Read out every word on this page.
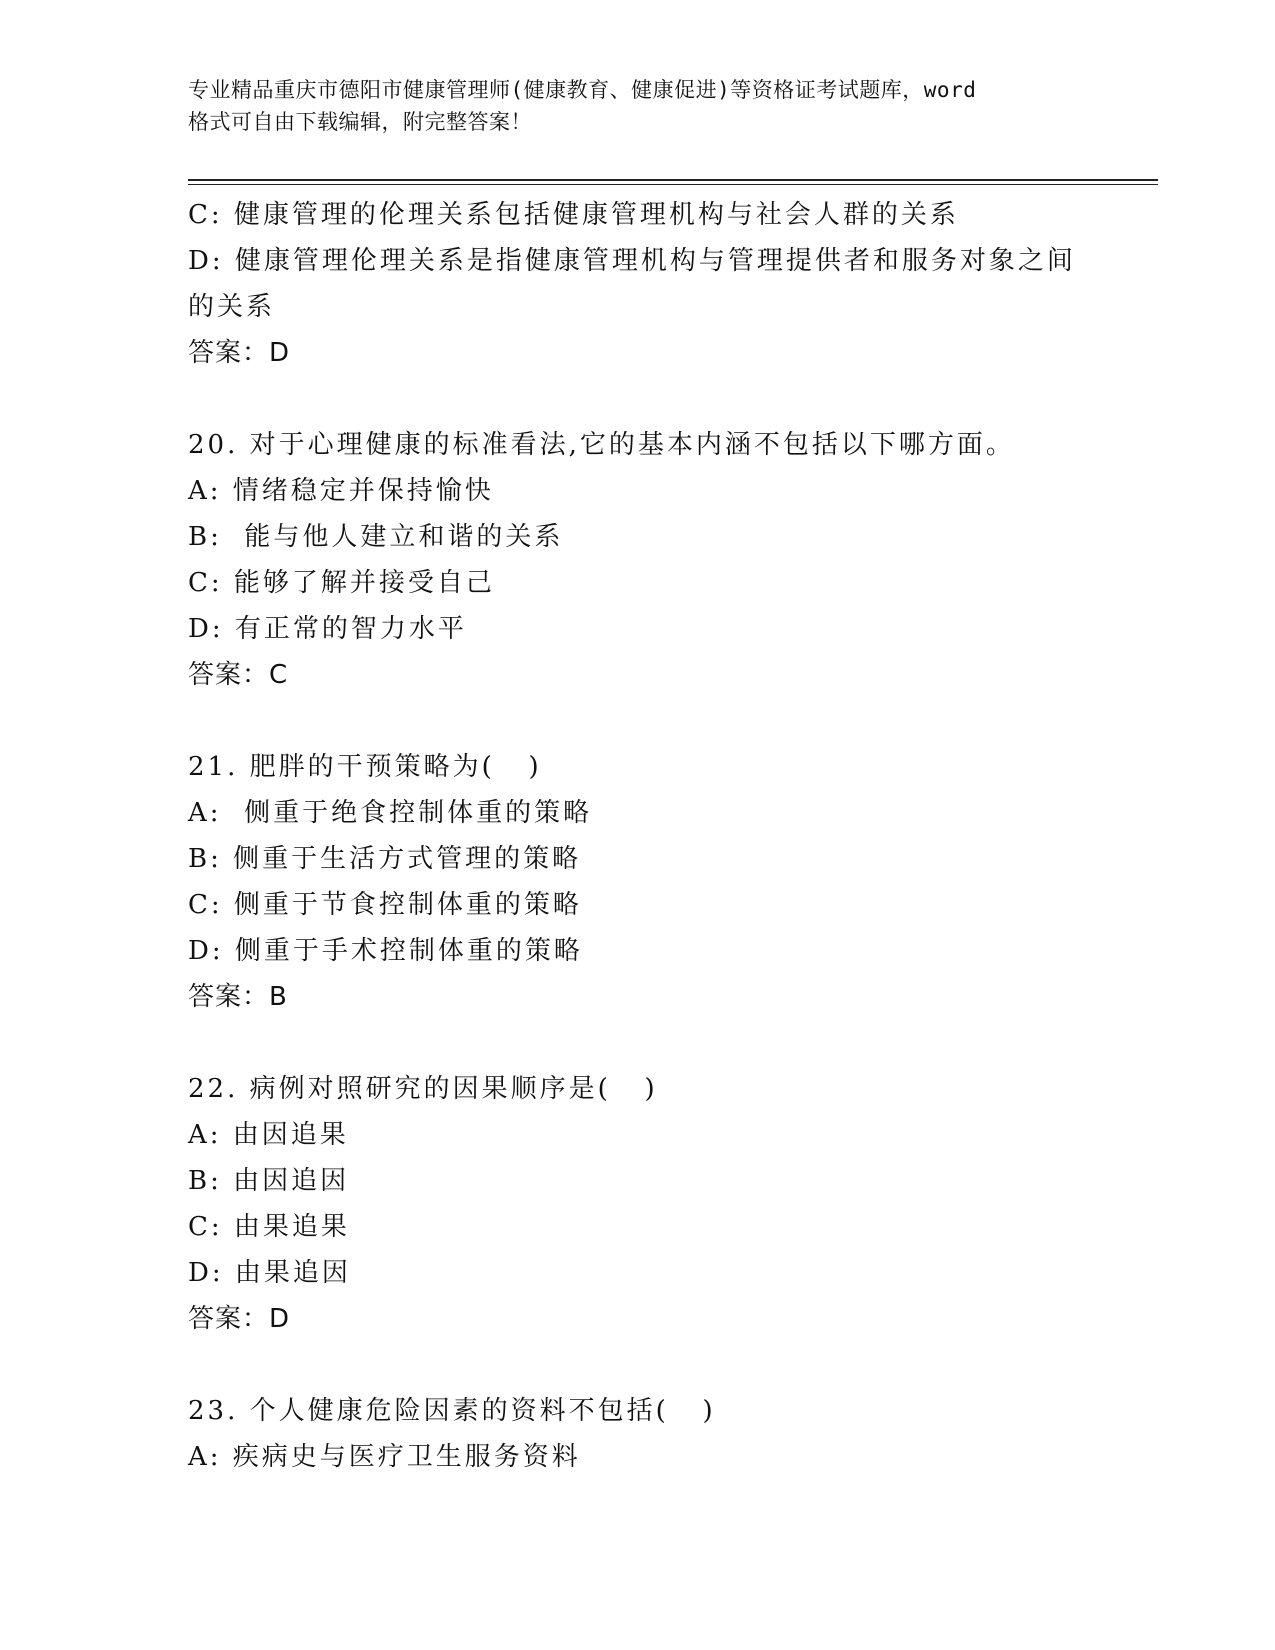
专业精品重庆市德阳市健康管理师(健康教育、健康促进)等资格证考试题库，word
格式可自由下载编辑，附完整答案！
C: 健康管理的伦理关系包括健康管理机构与社会人群的关系
D: 健康管理伦理关系是指健康管理机构与管理提供者和服务对象之间
的关系
答案：D
20. 对于心理健康的标准看法,它的基本内涵不包括以下哪方面。
A: 情绪稳定并保持愉快
B:  能与他人建立和谐的关系
C: 能够了解并接受自己
D: 有正常的智力水平
答案：C
21. 肥胖的干预策略为(   )
A:  侧重于绝食控制体重的策略
B: 侧重于生活方式管理的策略
C: 侧重于节食控制体重的策略
D: 侧重于手术控制体重的策略
答案：B
22. 病例对照研究的因果顺序是(   )
A: 由因追果
B: 由因追因
C: 由果追果
D: 由果追因
答案：D
23. 个人健康危险因素的资料不包括(   )
A: 疾病史与医疗卫生服务资料
